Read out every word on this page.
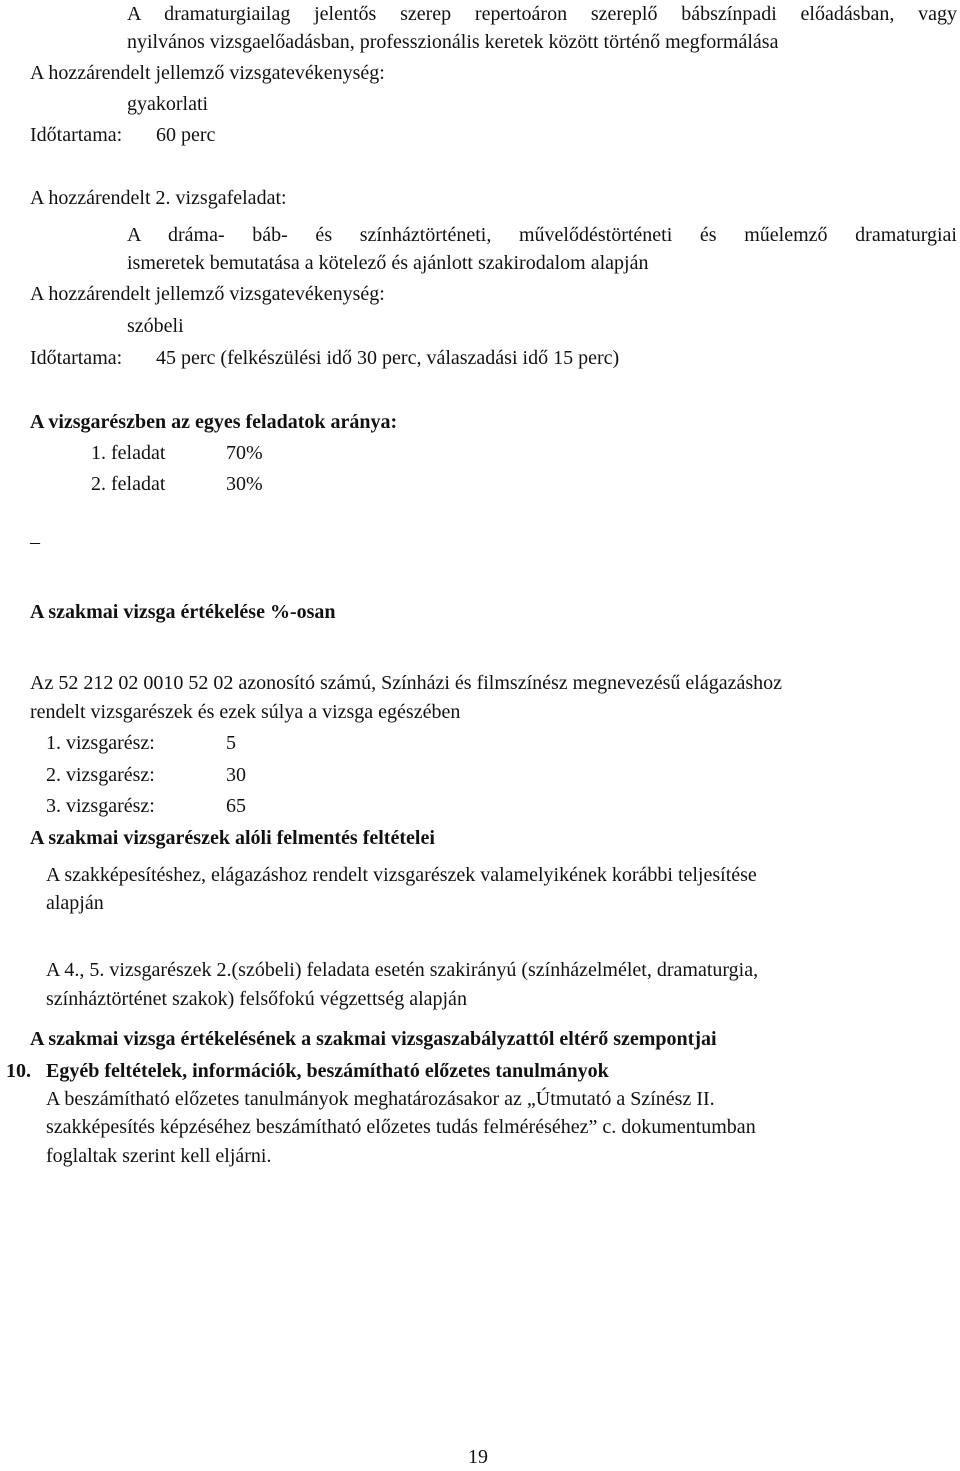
A dramaturgiailag jelentős szerep repertoáron szereplő bábszínpadi előadásban, vagy
nyilvános vizsgaelőadásban, professzionális keretek között történő megformálása
A hozzárendelt jellemző vizsgatevékenység:
gyakorlati
Időtartama: 60 perc
A hozzárendelt 2. vizsgafeladat:
A dráma- báb- és színháztörténeti, művelődéstörténeti és műelemző dramaturgiai
ismeretek bemutatása a kötelező és ajánlott szakirodalom alapján
A hozzárendelt jellemző vizsgatevékenység:
szóbeli
Időtartama: 45 perc (felkészülési idő 30 perc, válaszadási idő 15 perc)
A vizsgarészben az egyes feladatok aránya:
1. feladat	70%
2. feladat	30%
–
A szakmai vizsga értékelése %-osan
Az 52 212 02 0010 52 02 azonosító számú, Színházi és filmszínész megnevezésű elágazáshoz
rendelt vizsgarészek és ezek súlya a vizsga egészében
1. vizsgarész:	5
2. vizsgarész:	30
3. vizsgarész:	65
A szakmai vizsgarészek alóli felmentés feltételei
A szakképesítéshez, elágazáshoz rendelt vizsgarészek valamelyikének korábbi teljesítése
alapján
A 4., 5. vizsgarészek 2.(szóbeli) feladata esetén szakirányú (színházelmélet, dramaturgia,
színháztörténet szakok) felsőfokú végzettség alapján
A szakmai vizsga értékelésének a szakmai vizsgaszabályzattól eltérő szempontjai
10. Egyéb feltételek, információk, beszámítható előzetes tanulmányok
A beszámítható előzetes tanulmányok meghatározásakor az „Útmutató a Színész II.
szakképesítés képzéséhez beszámítható előzetes tudás felméréséhez” c. dokumentumban
foglaltak szerint kell eljárni.
19
